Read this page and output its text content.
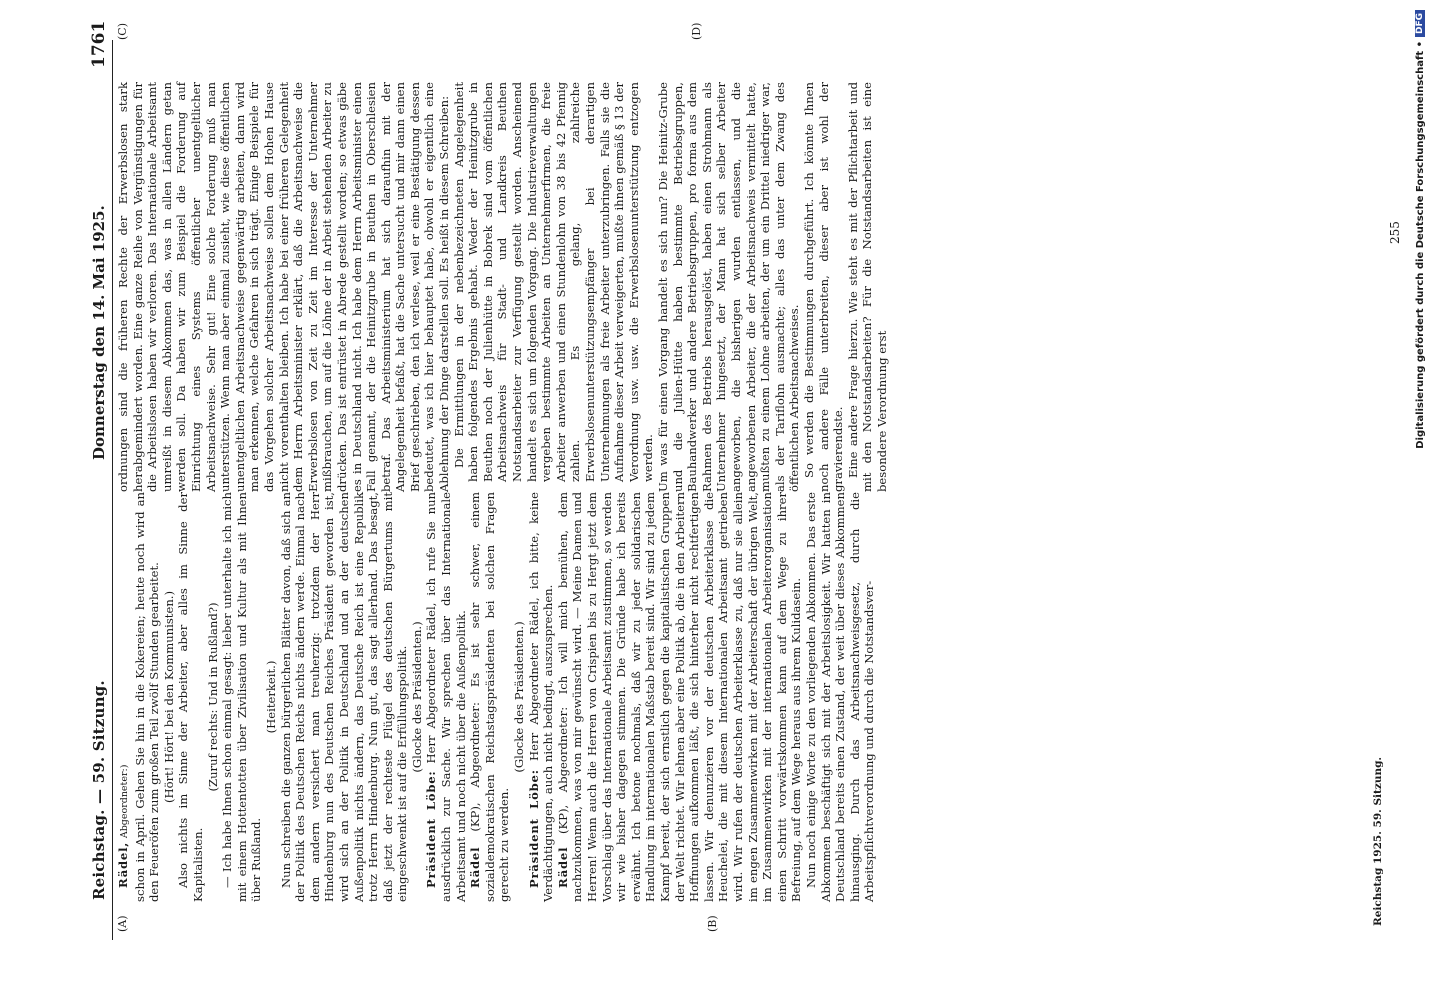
Reichstag. — 59. Sitzung.
Donnerstag den 14. Mai 1925.
1761
(A)	(B)
(C)	(D)

Rädel, Abgeordneter:) schon in April. Gehen Sie hin in die Kokereien; heute noch wird an den Feueröfen zum großen Teil zwölf Stunden gearbeitet. (Hört! Hört! bei den Kommunisten.) Also nichts im Sinne der Arbeiter, aber alles im Sinne der Kapitalisten.

(Zuruf rechts: Und in Rußland?) — Ich habe Ihnen schon einmal gesagt: lieber unterhalte ich mich mit einem Hottentotten über Zivilisation und Kultur als mit Ihnen über Rußland.

(Heiterkeit.) Nun schreiben die ganzen bürgerlichen Blätter davon, daß sich an der Politik des Deutschen Reichs nichts ändern werde. Einmal nach dem andern versichert man treuherzig: trotzdem der Herr Hindenburg nun des Deutschen Reiches Präsident geworden ist, wird sich an der Politik in Deutschland und an der deutschen Außenpolitik nichts ändern, das Deutsche Reich ist eine Republik trotz Herrn Hindenburg. Nun gut, das sagt allerhand. Das besagt, daß jetzt der rechteste Flügel des deutschen Bürgertums mit eingeschwenkt ist auf die Erfüllungspolitik. (Glocke des Präsidenten.)

Präsident Löbe: Herr Abgeordneter Rädel, ich rufe Sie nun ausdrücklich zur Sache. Wir sprechen über das Internationale Arbeitsamt und noch nicht über die Außenpolitik. Rädel (KP), Abgeordneter: Es ist sehr schwer, einem sozialdemokratischen Reichstagspräsidenten bei solchen Fragen gerecht zu werden.

(Glocke des Präsidenten.)

Präsident Löbe: Herr Abgeordneter Rädel, ich bitte, keine Verdächtigungen, auch nicht bedingt, auszusprechen. Rädel (KP), Abgeordneter: Ich will mich bemühen, dem nachzukommen, was von mir gewünscht wird. — Meine Damen und Herren! Wenn auch die Herren von Crispien bis zu Hergt jetzt dem Vorschlag über das Internationale Arbeitsamt zustimmen, so werden wir wie bisher dagegen stimmen. Die Gründe habe ich bereits erwähnt. Ich betone nochmals, daß wir zu jeder solidarischen Handlung im internationalen Maßstab bereit sind. Wir sind zu jedem Kampf bereit, der sich ernstlich gegen die kapitalistischen Gruppen der Welt richtet. Wir lehnen aber eine Politik ab, die in den Arbeitern Hoffnungen aufkommen läßt, die sich hinterher nicht rechtfertigen lassen. Wir denunzieren vor der deutschen Arbeiterklasse die Heuchelei, die mit diesem Internationalen Arbeitsamt getrieben wird. Wir rufen der deutschen Arbeiterklasse zu, daß nur sie allein im engen Zusammenwirken mit der Arbeiterschaft der übrigen Welt, im Zusammenwirken mit der internationalen Arbeiterorganisation einen Schritt vorwärtskommen kann auf dem Wege zu ihrer Befreiung, auf dem Wege heraus aus ihrem Kulidasein. Nun noch einige Worte zu den vorliegenden Abkommen. Das erste Abkommen beschäftigt sich mit der Arbeitslosigkeit. Wir hatten in Deutschland bereits einen Zustand, der weit über dieses Abkommen hinausging. Durch das Arbeitsnachweisgesetz, durch die Arbeitspflichtverordnung und durch die Notstandsver-

ordnungen sind die früheren Rechte der Erwerbslosen stark herabgemindert worden. Eine ganze Reihe von Vergünstigungen für die Arbeitslosen haben wir verloren. Das Internationale Arbeitsamt umreißt in diesem Abkommen das, was in allen Ländern getan werden soll. Da haben wir zum Beispiel die Forderung auf Einrichtung eines Systems öffentlicher unentgeltlicher Arbeitsnachweise. Sehr gut! Eine solche Forderung muß man unterstützen. Wenn man aber einmal zusieht, wie diese öffentlichen unentgeltlichen Arbeitsnachweise gegenwärtig arbeiten, dann wird man erkennen, welche Gefahren in sich trägt. Einige Beispiele für das Vorgehen solcher Arbeitsnachweise sollen dem Hohen Hause nicht vorenthalten bleiben. Ich habe bei einer früheren Gelegenheit dem Herrn Arbeitsminister erklärt, daß die Arbeitsnachweise die Erwerbslosen von Zeit zu Zeit im Interesse der Unternehmer mißbrauchen, um auf die Löhne der in Arbeit stehenden Arbeiter zu drücken. Das ist entrüstet in Abrede gestellt worden; so etwas gäbe es in Deutschland nicht. Ich habe dem Herrn Arbeitsminister einen Fall genannt, der die Heinitzgrube in Beuthen in Oberschlesien betraf. Das Arbeitsministerium hat sich daraufhin mit der Angelegenheit befaßt, hat die Sache untersucht und mir dann einen Brief geschrieben, den ich verlese, weil er eine Bestätigung dessen bedeutet, was ich hier behauptet habe, obwohl er eigentlich eine Ablehnung der Dinge darstellen soll. Es heißt in diesem Schreiben: Die Ermittlungen in der nebenbezeichneten Angelegenheit haben folgendes Ergebnis gehabt. Weder der Heinitzgrube in Beuthen noch der Julienhütte in Bobrek sind vom öffentlichen Arbeitsnachweis für Stadt- und Landkreis Beuthen Notstandsarbeiter zur Verfügung gestellt worden. Anscheinend handelt es sich um folgenden Vorgang. Die Industrieverwaltungen vergeben bestimmte Arbeiten an Unternehmerfirmen, die freie Arbeiter anwerben und einen Stundenlohn von 38 bis 42 Pfennig zahlen. Es gelang, zahlreiche Erwerbslosenunterstützungsempfänger bei derartigen Unternehmungen als freie Arbeiter unterzubringen. Falls sie die Aufnahme dieser Arbeit verweigerten, mußte ihnen gemäß § 13 der Verordnung usw. usw. die Erwerbslosenunterstützung entzogen werden. Um was für einen Vorgang handelt es sich nun? Die Heinitz-Grube und die Julien-Hütte haben bestimmte Betriebsgruppen, Bauhandwerker und andere Betriebsgruppen, pro forma aus dem Rahmen des Betriebs herausgelöst, haben einen Strohmann als Unternehmer hingesetzt, der Mann hat sich selber Arbeiter angeworben, die bisherigen wurden entlassen, und die angeworbenen Arbeiter, die der Arbeitsnachweis vermittelt hatte, mußten zu einem Lohne arbeiten, der um ein Drittel niedriger war, als der Tariflohn ausmachte; alles das unter dem Zwang des öffentlichen Arbeitsnachweises. So werden die Bestimmungen durchgeführt. Ich könnte Ihnen noch andere Fälle unterbreiten, dieser aber ist wohl der gravierendste. Eine andere Frage hierzu. Wie steht es mit der Pflichtarbeit und mit den Notstandsarbeiten? Für die Notstandsarbeiten ist eine besondere Verordnung erst

Reichstag 1925. 59. Sitzung.
255 Digitalisierung gefördert durch die Deutsche Forschungsgemeinschaft •
DFG
